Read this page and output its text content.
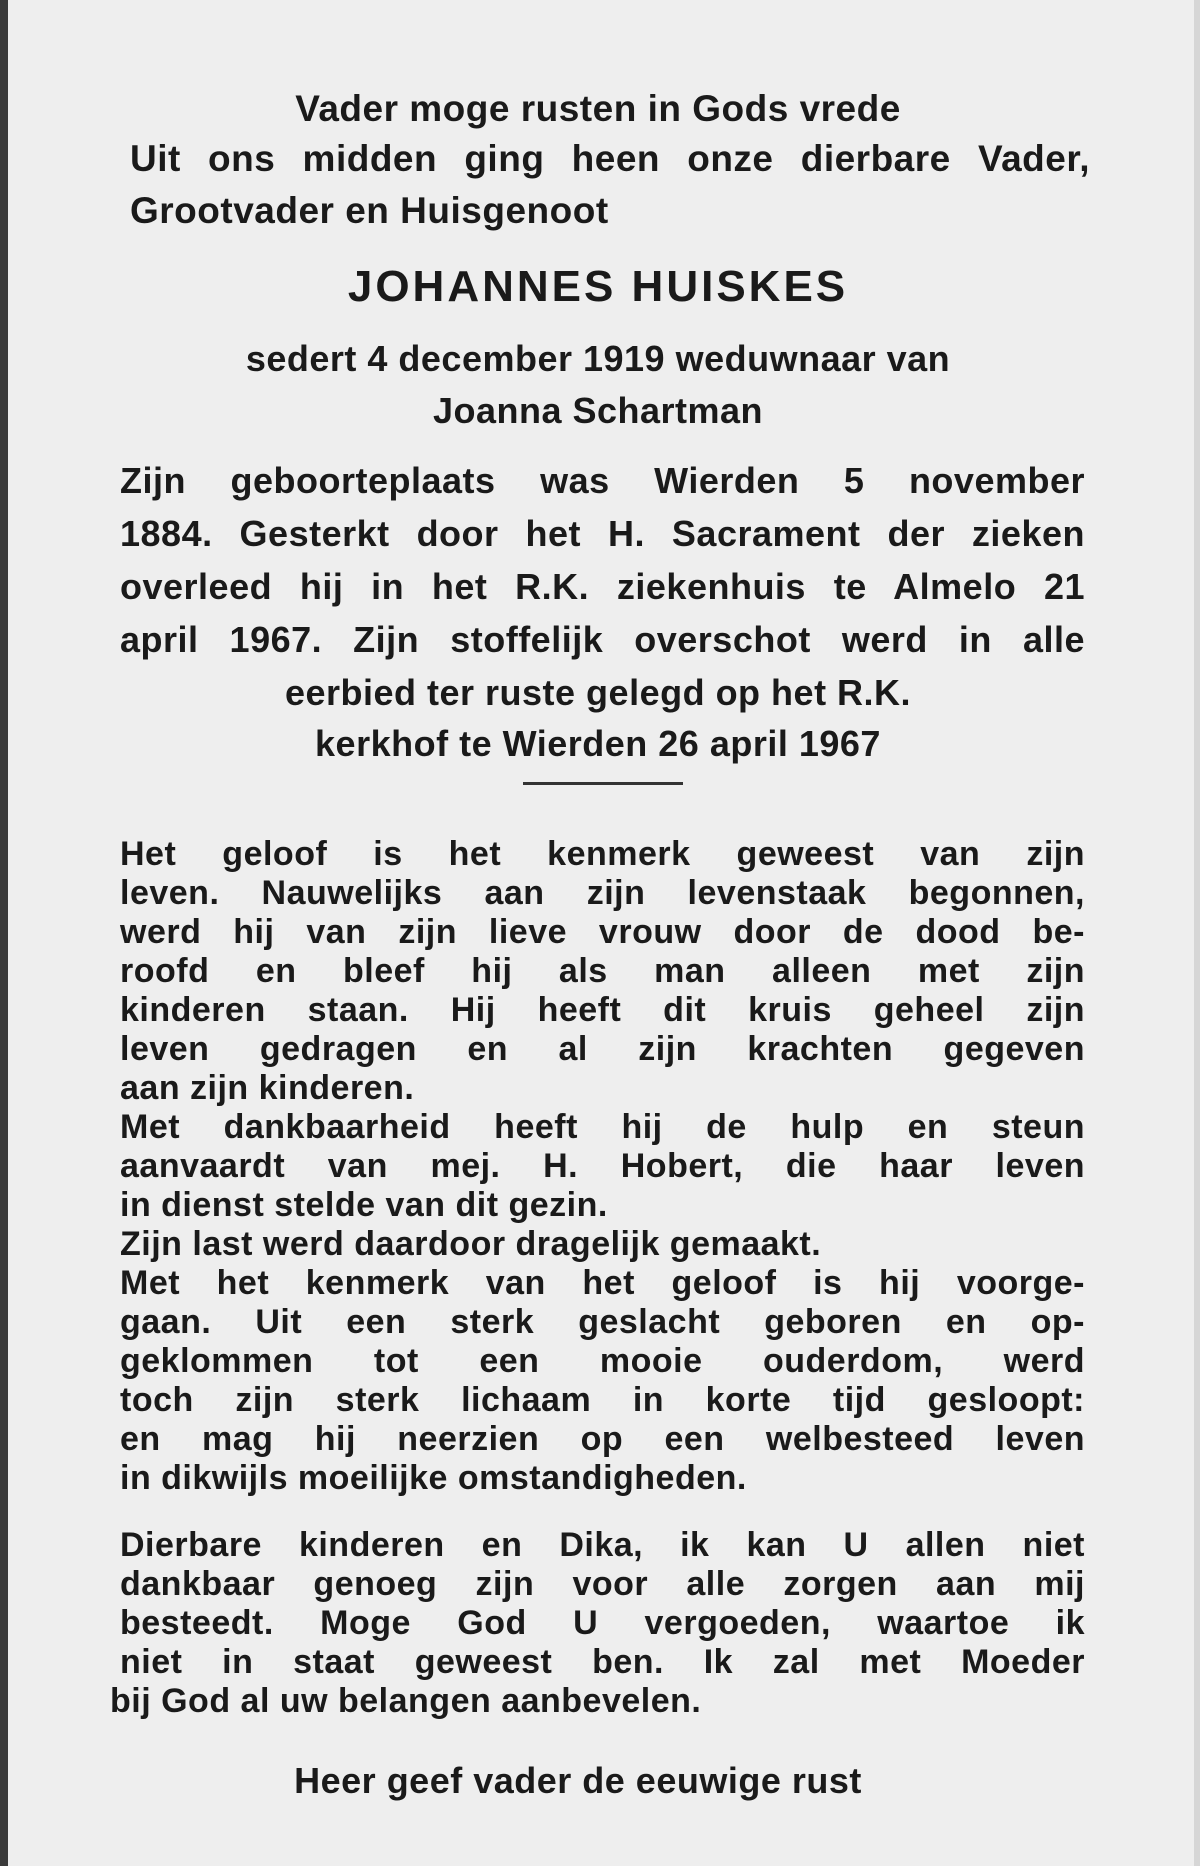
Vader moge rusten in Gods vrede
Uit ons midden ging heen onze dierbare Vader,
Grootvader en Huisgenoot
JOHANNES HUISKES
sedert 4 december 1919 weduwnaar van
Joanna Schartman
Zijn geboorteplaats was Wierden 5 november
1884. Gesterkt door het H. Sacrament der zieken
overleed hij in het R.K. ziekenhuis te Almelo 21
april 1967. Zijn stoffelijk overschot werd in alle
eerbied ter ruste gelegd op het R.K.
kerkhof te Wierden 26 april 1967
Het geloof is het kenmerk geweest van zijn
leven. Nauwelijks aan zijn levenstaak begonnen,
werd hij van zijn lieve vrouw door de dood be-
roofd en bleef hij als man alleen met zijn
kinderen staan. Hij heeft dit kruis geheel zijn
leven gedragen en al zijn krachten gegeven
aan zijn kinderen.
Met dankbaarheid heeft hij de hulp en steun
aanvaardt van mej. H. Hobert, die haar leven
in dienst stelde van dit gezin.
Zijn last werd daardoor dragelijk gemaakt.
Met het kenmerk van het geloof is hij voorge-
gaan. Uit een sterk geslacht geboren en op-
geklommen tot een mooie ouderdom, werd
toch zijn sterk lichaam in korte tijd gesloopt:
en mag hij neerzien op een welbesteed leven
in dikwijls moeilijke omstandigheden.
Dierbare kinderen en Dika, ik kan U allen niet
dankbaar genoeg zijn voor alle zorgen aan mij
besteedt. Moge God U vergoeden, waartoe ik
niet in staat geweest ben. Ik zal met Moeder
bij God al uw belangen aanbevelen.
Heer geef vader de eeuwige rust
